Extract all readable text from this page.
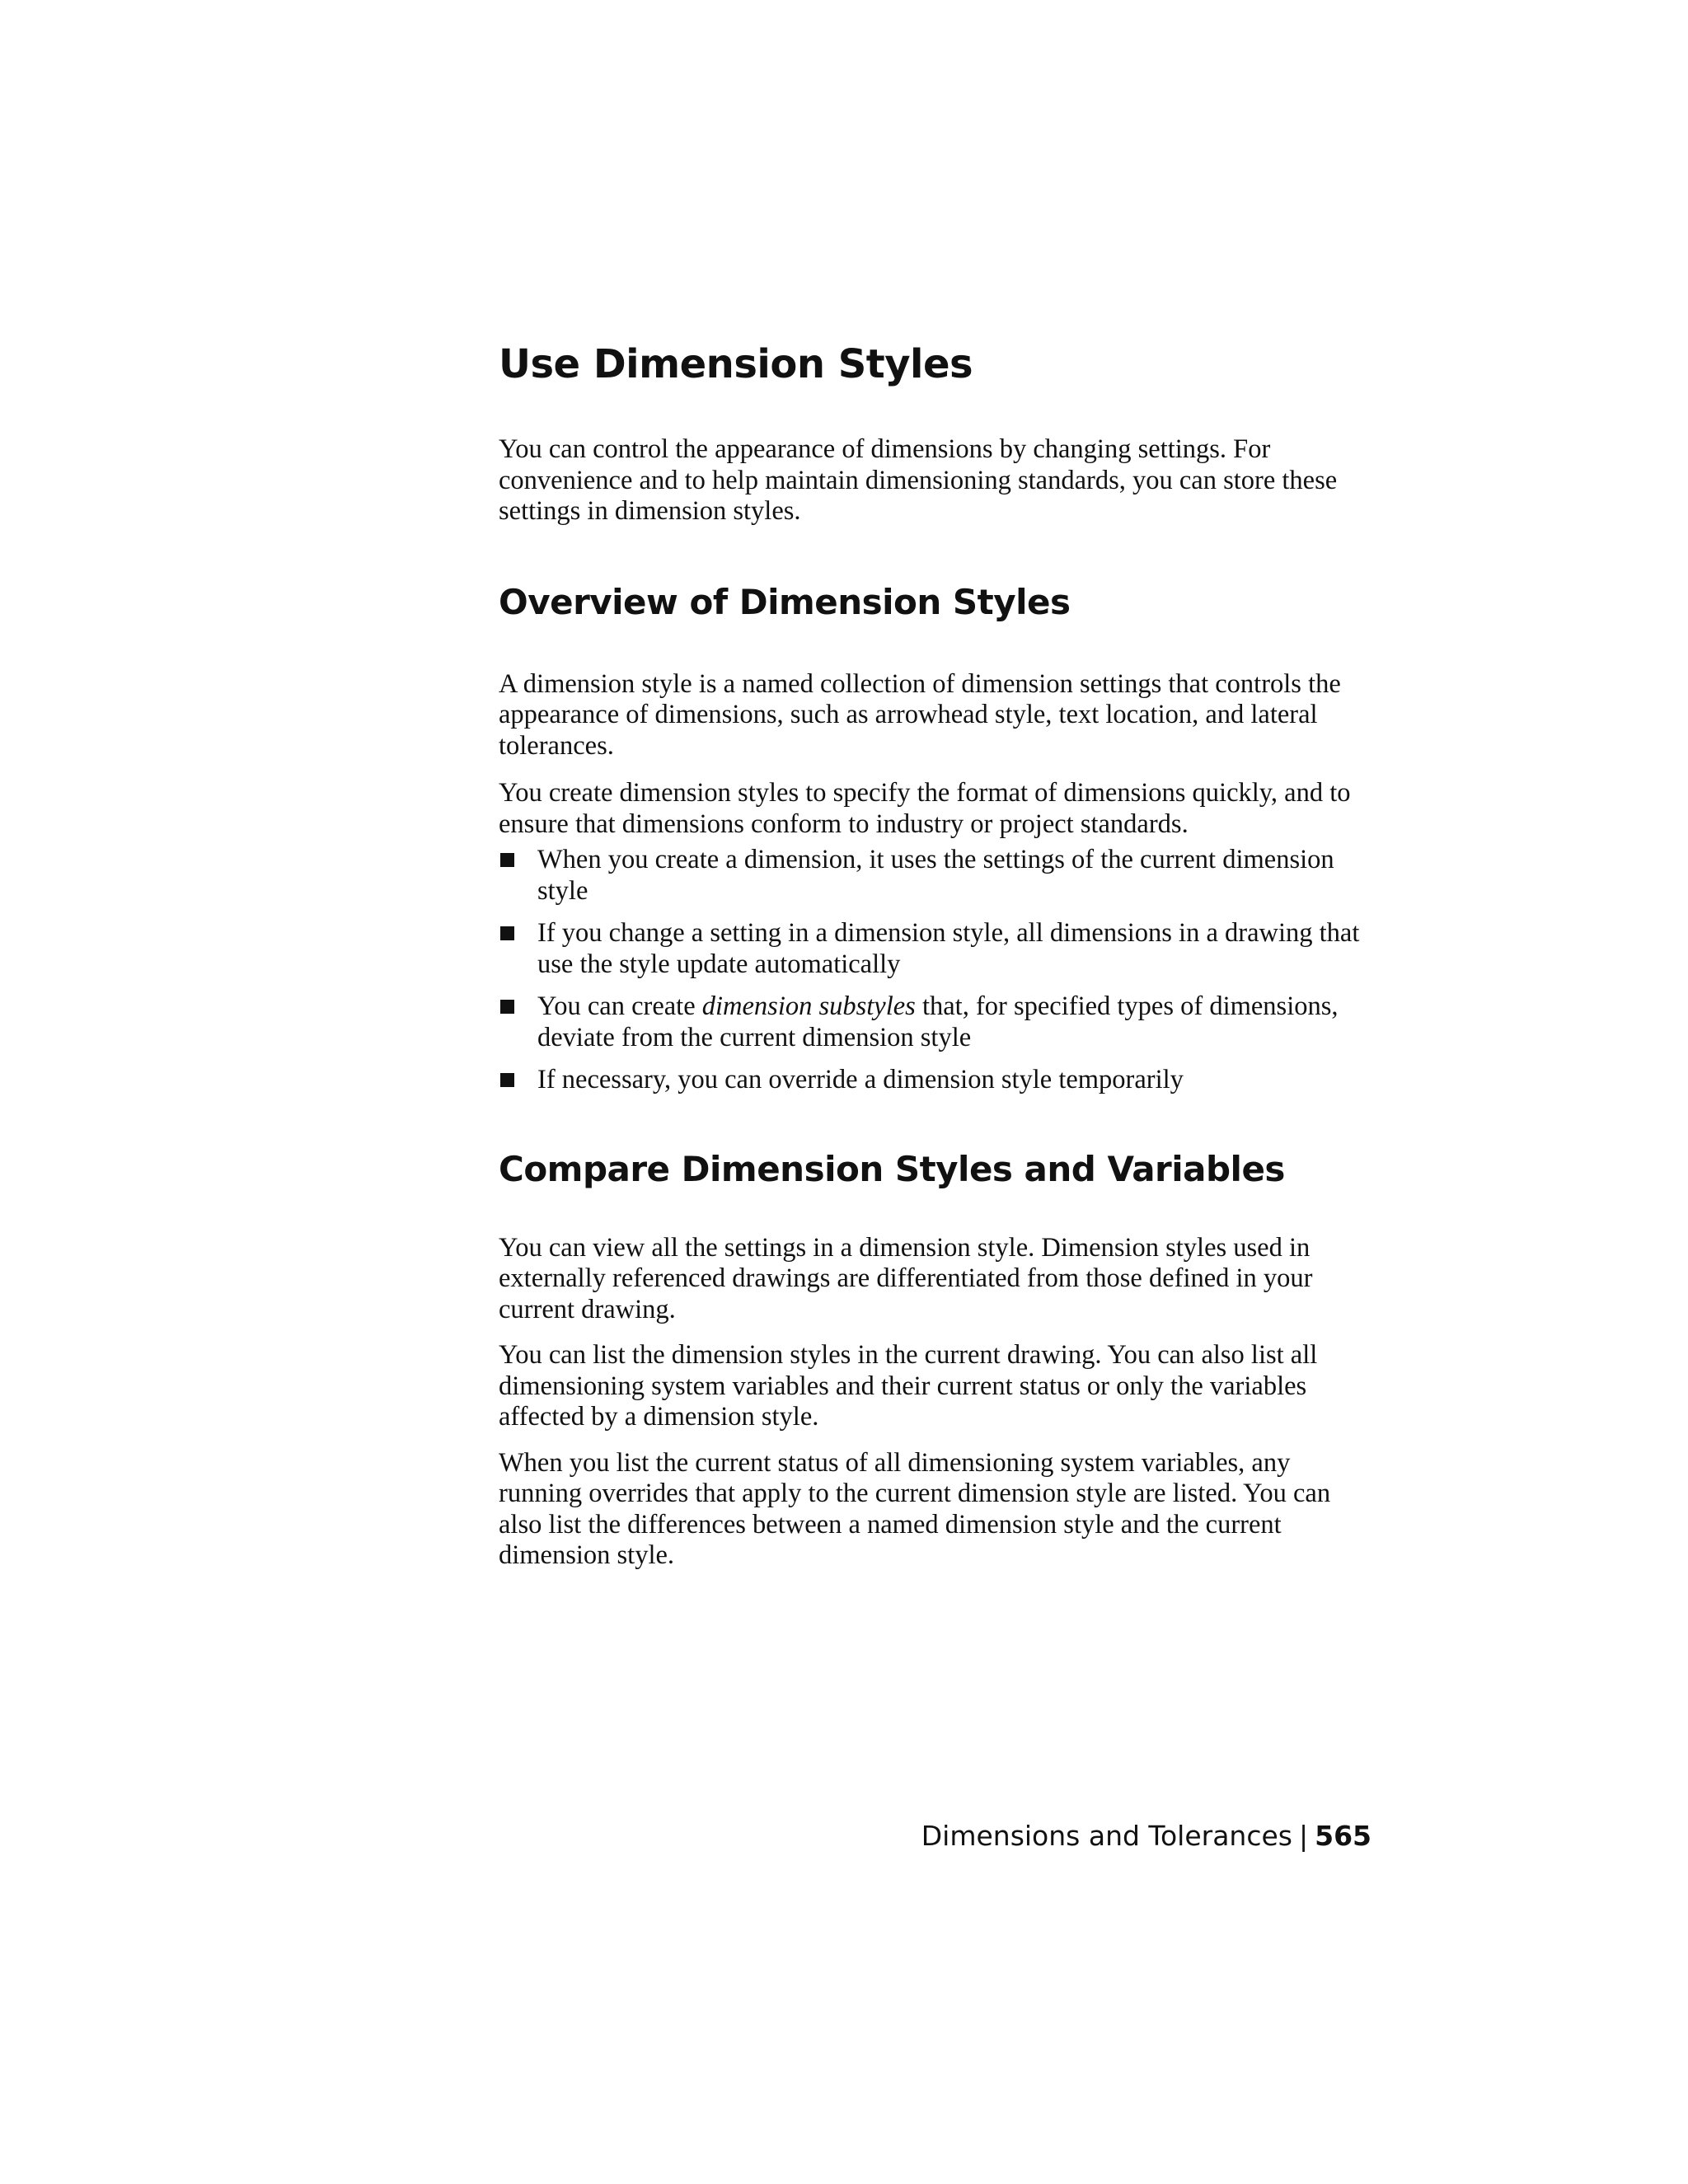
Use Dimension Styles

You can control the appearance of dimensions by changing settings. For convenience and to help maintain dimensioning standards, you can store these settings in dimension styles.

Overview of Dimension Styles

A dimension style is a named collection of dimension settings that controls the appearance of dimensions, such as arrowhead style, text location, and lateral tolerances.

You create dimension styles to specify the format of dimensions quickly, and to ensure that dimensions conform to industry or project standards.

When you create a dimension, it uses the settings of the current dimension style
If you change a setting in a dimension style, all dimensions in a drawing that use the style update automatically
You can create dimension substyles that, for specified types of dimensions, deviate from the current dimension style
If necessary, you can override a dimension style temporarily
Compare Dimension Styles and Variables

You can view all the settings in a dimension style. Dimension styles used in externally referenced drawings are differentiated from those defined in your current drawing.

You can list the dimension styles in the current drawing. You can also list all dimensioning system variables and their current status or only the variables affected by a dimension style.

When you list the current status of all dimensioning system variables, any running overrides that apply to the current dimension style are listed. You can also list the differences between a named dimension style and the current dimension style.

Dimensions and Tolerances | 565
